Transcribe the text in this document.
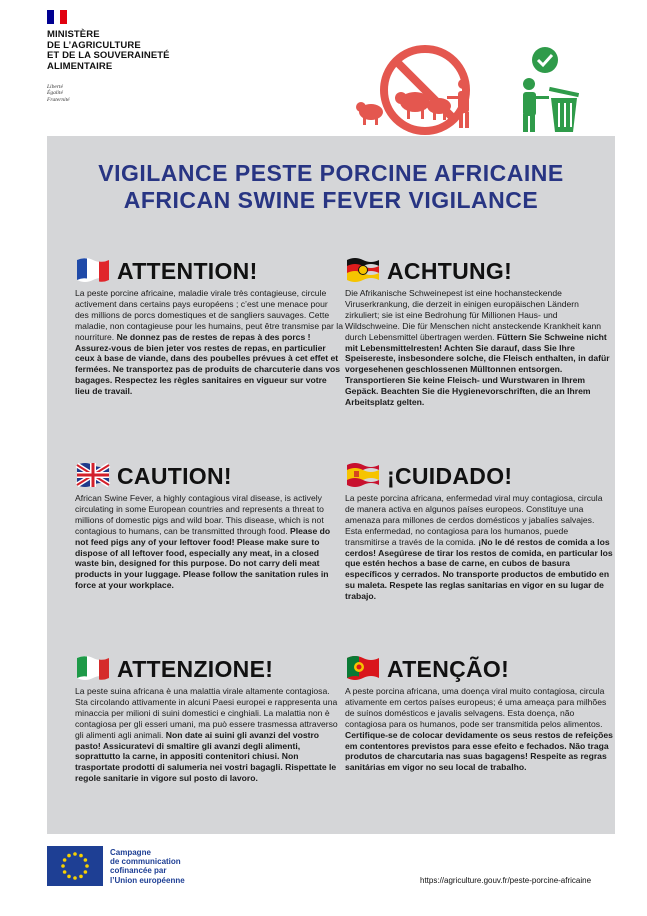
MINISTÈRE
DE L’AGRICULTURE
ET DE LA SOUVERAINETÉ
ALIMENTAIRE
Liberté
Égalité
Fraternité
VIGILANCE PESTE PORCINE AFRICAINE
AFRICAN SWINE FEVER VIGILANCE
ATTENTION!
La peste porcine africaine, maladie virale très contagieuse, circule activement dans certains pays européens ; c’est une menace pour des millions de porcs domestiques et de sangliers sauvages. Cette maladie, non contagieuse pour les humains, peut être transmise par la nourriture. Ne donnez pas de restes de repas à des porcs ! Assurez-vous de bien jeter vos restes de repas, en particulier ceux à base de viande, dans des poubelles prévues à cet effet et fermées. Ne transportez pas de produits de charcuterie dans vos bagages. Respectez les règles sanitaires en vigueur sur votre lieu de travail.
ACHTUNG!
Die Afrikanische Schweinepest ist eine hochansteckende Viruserkrankung, die derzeit in einigen europäischen Ländern zirkuliert; sie ist eine Bedrohung für Millionen Haus- und Wildschweine. Die für Menschen nicht ansteckende Krankheit kann durch Lebensmittel übertragen werden. Füttern Sie Schweine nicht mit Lebensmittelresten! Achten Sie darauf, dass Sie Ihre Speisereste, insbesondere solche, die Fleisch enthalten, in dafür vorgesehenen geschlossenen Mülltonnen entsorgen. Transportieren Sie keine Fleisch- und Wurstwaren in Ihrem Gepäck. Beachten Sie die Hygienevorschriften, die an Ihrem Arbeitsplatz gelten.
CAUTION!
African Swine Fever, a highly contagious viral disease, is actively circulating in some European countries and represents a threat to millions of domestic pigs and wild boar. This disease, which is not contagious to humans, can be transmitted through food. Please do not feed pigs any of your leftover food! Please make sure to dispose of all leftover food, especially any meat, in a closed waste bin, designed for this purpose. Do not carry deli meat products in your luggage. Please follow the sanitation rules in force at your workplace.
¡CUIDADO!
La peste porcina africana, enfermedad viral muy contagiosa, circula de manera activa en algunos países europeos. Constituye una amenaza para millones de cerdos domésticos y jabalíes salvajes. Esta enfermedad, no contagiosa para los humanos, puede transmitirse a través de la comida. ¡No le dé restos de comida a los cerdos! Asegúrese de tirar los restos de comida, en particular los que estén hechos a base de carne, en cubos de basura específicos y cerrados. No transporte productos de embutido en su maleta. Respete las reglas sanitarias en vigor en su lugar de trabajo.
ATTENZIONE!
La peste suina africana è una malattia virale altamente contagiosa. Sta circolando attivamente in alcuni Paesi europei e rappresenta una minaccia per milioni di suini domestici e cinghiali. La malattia non è contagiosa per gli esseri umani, ma può essere trasmessa attraverso gli alimenti agli animali. Non date ai suini gli avanzi del vostro pasto! Assicuratevi di smaltire gli avanzi degli alimenti, soprattutto la carne, in appositi contenitori chiusi. Non trasportate prodotti di salumeria nei vostri bagagli. Rispettate le regole sanitarie in vigore sul posto di lavoro.
ATENÇÃO!
A peste porcina africana, uma doença viral muito contagiosa, circula ativamente em certos países europeus; é uma ameaça para milhões de suínos domésticos e javalis selvagens. Esta doença, não contagiosa para os humanos, pode ser transmitida pelos alimentos. Certifique-se de colocar devidamente os seus restos de refeições em contentores previstos para esse efeito e fechados. Não traga produtos de charcutaria nas suas bagagens! Respeite as regras sanitárias em vigor no seu local de trabalho.
Campagne
de communication
cofinancée par
l’Union européenne	https://agriculture.gouv.fr/peste-porcine-africaine
